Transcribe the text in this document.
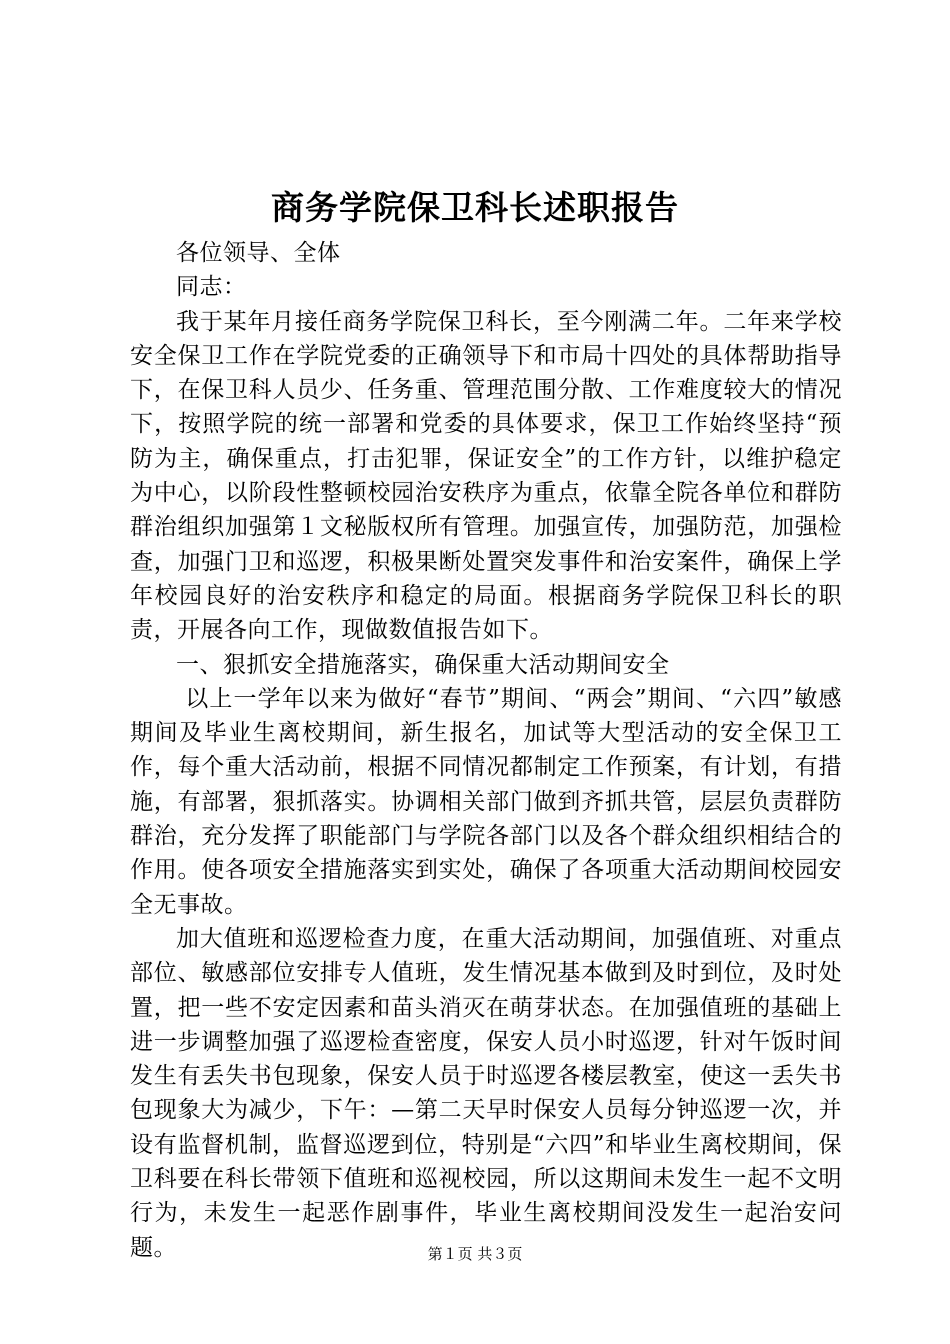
商务学院保卫科长述职报告

各位领导、全体

同志：

我于某年月接任商务学院保卫科长，至今刚满二年。二年来学校安全保卫工作在学院党委的正确领导下和市局十四处的具体帮助指导下，在保卫科人员少、任务重、管理范围分散、工作难度较大的情况下，按照学院的统一部署和党委的具体要求，保卫工作始终坚持“预防为主，确保重点，打击犯罪，保证安全”的工作方针，以维护稳定为中心，以阶段性整顿校园治安秩序为重点，依靠全院各单位和群防群治组织加强第１文秘版权所有管理。加强宣传，加强防范，加强检查，加强门卫和巡逻，积极果断处置突发事件和治安案件，确保上学年校园良好的治安秩序和稳定的局面。根据商务学院保卫科长的职责，开展各向工作，现做数值报告如下。

一、狠抓安全措施落实，确保重大活动期间安全

以上一学年以来为做好“春节”期间、“两会”期间、“六四”敏感期间及毕业生离校期间，新生报名，加试等大型活动的安全保卫工作，每个重大活动前，根据不同情况都制定工作预案，有计划，有措施，有部署，狠抓落实。协调相关部门做到齐抓共管，层层负责群防群治，充分发挥了职能部门与学院各部门以及各个群众组织相结合的作用。使各项安全措施落实到实处，确保了各项重大活动期间校园安全无事故。

加大值班和巡逻检查力度，在重大活动期间，加强值班、对重点部位、敏感部位安排专人值班，发生情况基本做到及时到位，及时处置，把一些不安定因素和苗头消灭在萌芽状态。在加强值班的基础上进一步调整加强了巡逻检查密度，保安人员小时巡逻，针对午饭时间发生有丢失书包现象，保安人员于时巡逻各楼层教室，使这一丢失书包现象大为减少，下午：—第二天早时保安人员每分钟巡逻一次，并设有监督机制，监督巡逻到位，特别是“六四”和毕业生离校期间，保卫科要在科长带领下值班和巡视校园，所以这期间未发生一起不文明行为，未发生一起恶作剧事件，毕业生离校期间没发生一起治安问题。	第１页 共３页
